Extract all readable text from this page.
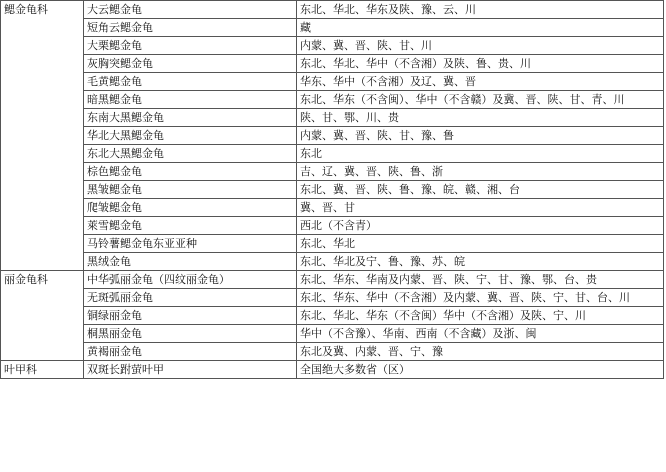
鳃金龟科	大云鳃金龟	东北、华北、华东及陕、豫、云、川
	短角云鳃金龟	藏
	大栗鳃金龟	内蒙、冀、晋、陕、甘、川
	灰胸突鳃金龟	东北、华北、华中（不含湘）及陕、鲁、贵、川
	毛黄鳃金龟	华东、华中（不含湘）及辽、冀、晋
	暗黑鳃金龟	东北、华东（不含闽）、华中（不含赣）及冀、晋、陕、甘、青、川
	东南大黑鳃金龟	陕、甘、鄂、川、贵
	华北大黑鳃金龟	内蒙、冀、晋、陕、甘、豫、鲁
	东北大黑鳃金龟	东北
	棕色鳃金龟	吉、辽、冀、晋、陕、鲁、浙
	黑皱鳃金龟	东北、冀、晋、陕、鲁、豫、皖、赣、湘、台
	爬皱鳃金龟	冀、晋、甘
	萊雪鳃金龟	西北（不含青）
	马铃薯鳃金龟东亚亚种	东北、华北
	黑绒金龟	东北、华北及宁、鲁、豫、苏、皖
丽金龟科	中华弧丽金龟（四纹丽金龟）	东北、华东、华南及内蒙、晋、陕、宁、甘、豫、鄂、台、贵
	无斑弧丽金龟	东北、华东、华中（不含湘）及内蒙、冀、晋、陕、宁、甘、台、川
	铜绿丽金龟	东北、华北、华东（不含闽）华中（不含湘）及陕、宁、川
	桐黑丽金龟	华中（不含豫）、华南、西南（不含藏）及浙、闽
	黄褐丽金龟	东北及冀、内蒙、晋、宁、豫
叶甲科	双斑长跗萤叶甲	全国绝大多数省（区）
